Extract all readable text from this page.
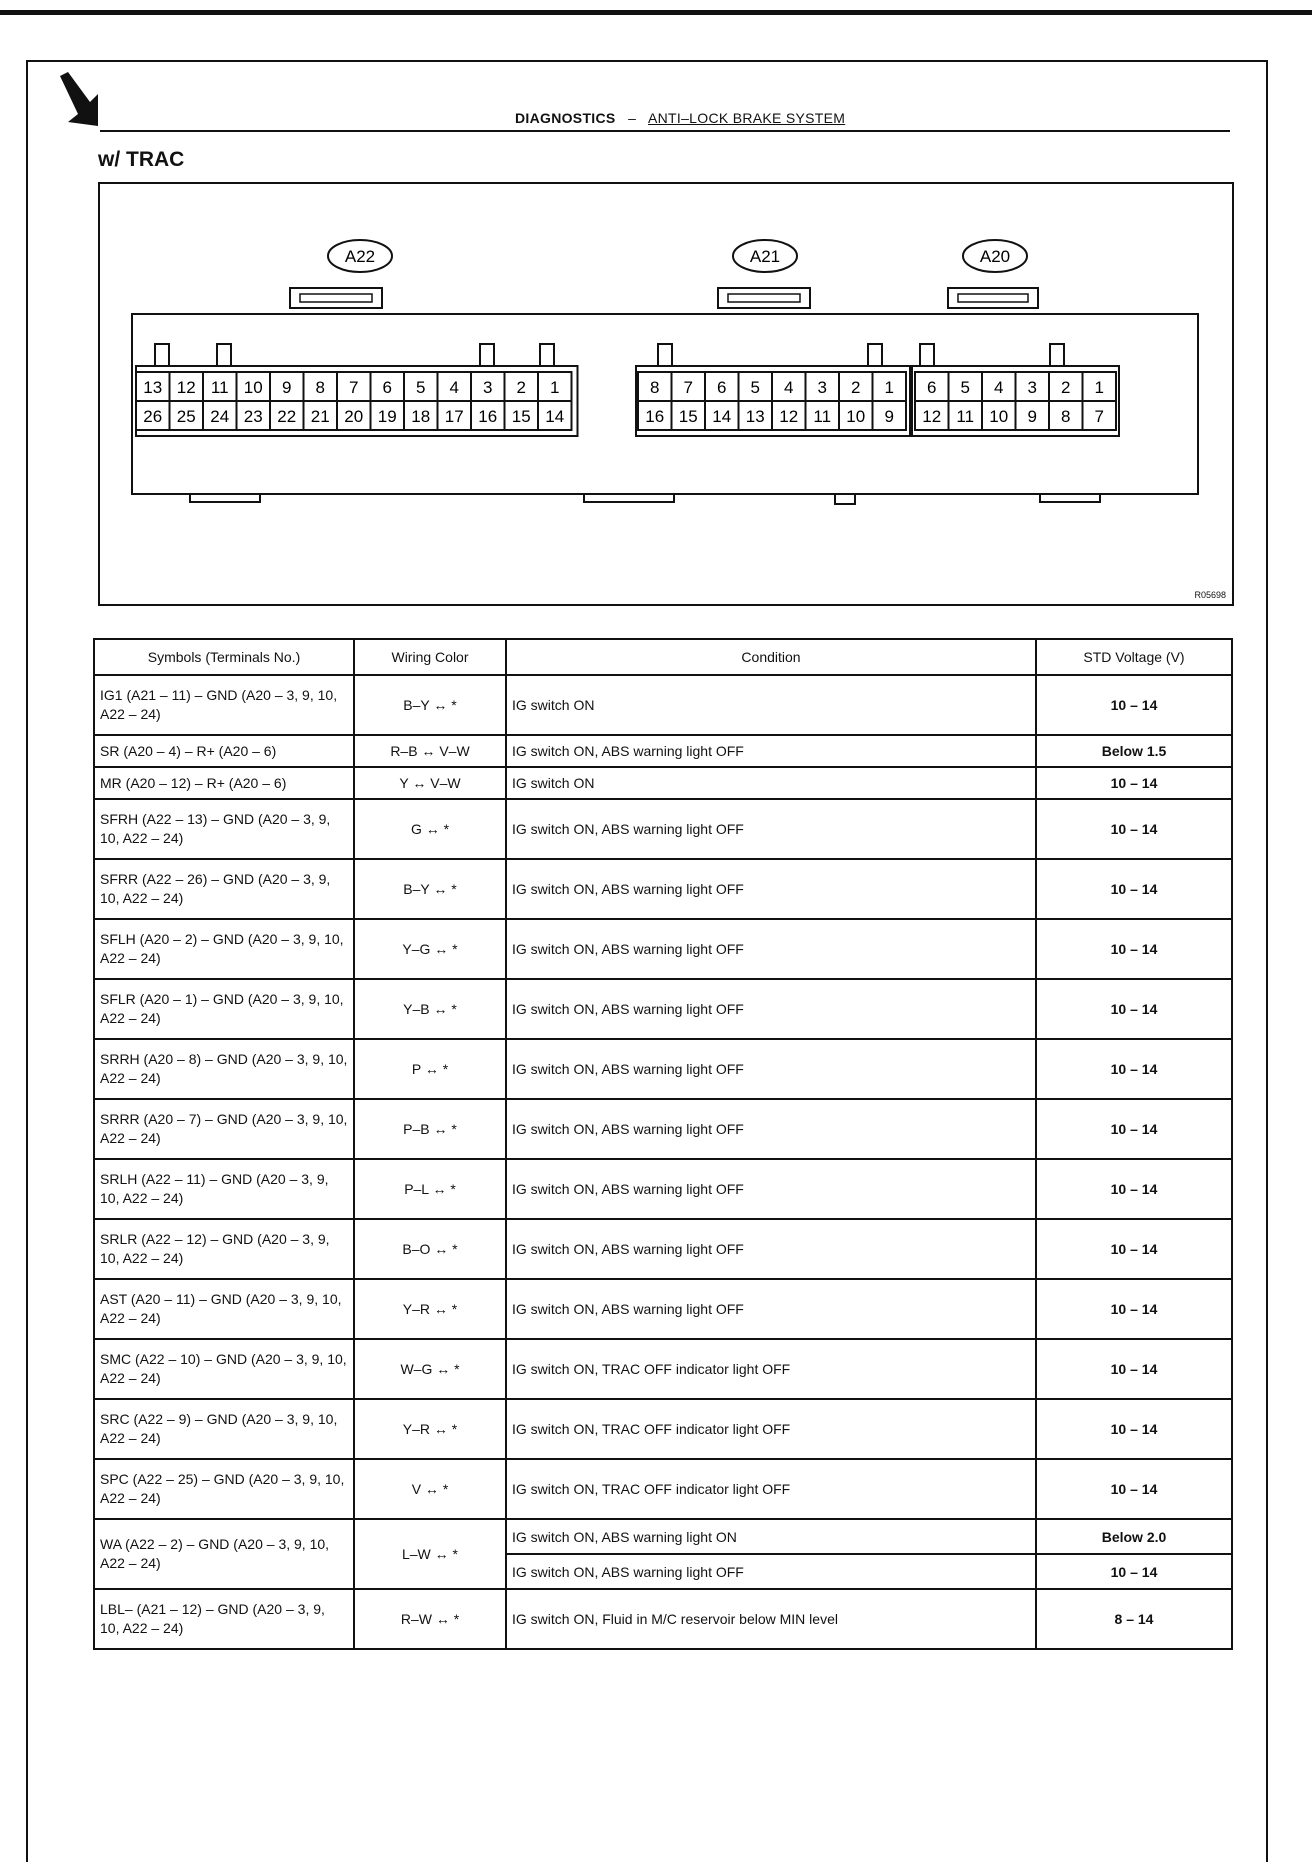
DIAGNOSTICS – ANTI–LOCK BRAKE SYSTEM
w/ TRAC
A22
13 12 11 10 9 8 7 6 5 4 3 2 1
26 25 24 23 22 21 20 19 18 17 16 15 14
A21
8 7 6 5 4 3 2 1
16 15 14 13 12 11 10 9
A20
6 5 4 3 2 1
12 11 10 9 8 7
R05698
Symbols (Terminals No.)	Wiring Color	Condition	STD Voltage (V)
IG1 (A21 – 11) – GND (A20 – 3, 9, 10, A22 – 24)	B–Y ↔ *	IG switch ON	10 – 14
SR (A20 – 4) – R+ (A20 – 6)	R–B ↔ V–W	IG switch ON, ABS warning light OFF	Below 1.5
MR (A20 – 12) – R+ (A20 – 6)	Y ↔ V–W	IG switch ON	10 – 14
SFRH (A22 – 13) – GND (A20 – 3, 9, 10, A22 – 24)	G ↔ *	IG switch ON, ABS warning light OFF	10 – 14
SFRR (A22 – 26) – GND (A20 – 3, 9, 10, A22 – 24)	B–Y ↔ *	IG switch ON, ABS warning light OFF	10 – 14
SFLH (A20 – 2) – GND (A20 – 3, 9, 10, A22 – 24)	Y–G ↔ *	IG switch ON, ABS warning light OFF	10 – 14
SFLR (A20 – 1) – GND (A20 – 3, 9, 10, A22 – 24)	Y–B ↔ *	IG switch ON, ABS warning light OFF	10 – 14
SRRH (A20 – 8) – GND (A20 – 3, 9, 10, A22 – 24)	P ↔ *	IG switch ON, ABS warning light OFF	10 – 14
SRRR (A20 – 7) – GND (A20 – 3, 9, 10, A22 – 24)	P–B ↔ *	IG switch ON, ABS warning light OFF	10 – 14
SRLH (A22 – 11) – GND (A20 – 3, 9, 10, A22 – 24)	P–L ↔ *	IG switch ON, ABS warning light OFF	10 – 14
SRLR (A22 – 12) – GND (A20 – 3, 9, 10, A22 – 24)	B–O ↔ *	IG switch ON, ABS warning light OFF	10 – 14
AST (A20 – 11) – GND (A20 – 3, 9, 10, A22 – 24)	Y–R ↔ *	IG switch ON, ABS warning light OFF	10 – 14
SMC (A22 – 10) – GND (A20 – 3, 9, 10, A22 – 24)	W–G ↔ *	IG switch ON, TRAC OFF indicator light OFF	10 – 14
SRC (A22 – 9) – GND (A20 – 3, 9, 10, A22 – 24)	Y–R ↔ *	IG switch ON, TRAC OFF indicator light OFF	10 – 14
SPC (A22 – 25) – GND (A20 – 3, 9, 10, A22 – 24)	V ↔ *	IG switch ON, TRAC OFF indicator light OFF	10 – 14
WA (A22 – 2) – GND (A20 – 3, 9, 10, A22 – 24)	L–W ↔ *	IG switch ON, ABS warning light ON	Below 2.0
		IG switch ON, ABS warning light OFF	10 – 14
LBL– (A21 – 12) – GND (A20 – 3, 9, 10, A22 – 24)	R–W ↔ *	IG switch ON, Fluid in M/C reservoir below MIN level	8 – 14
